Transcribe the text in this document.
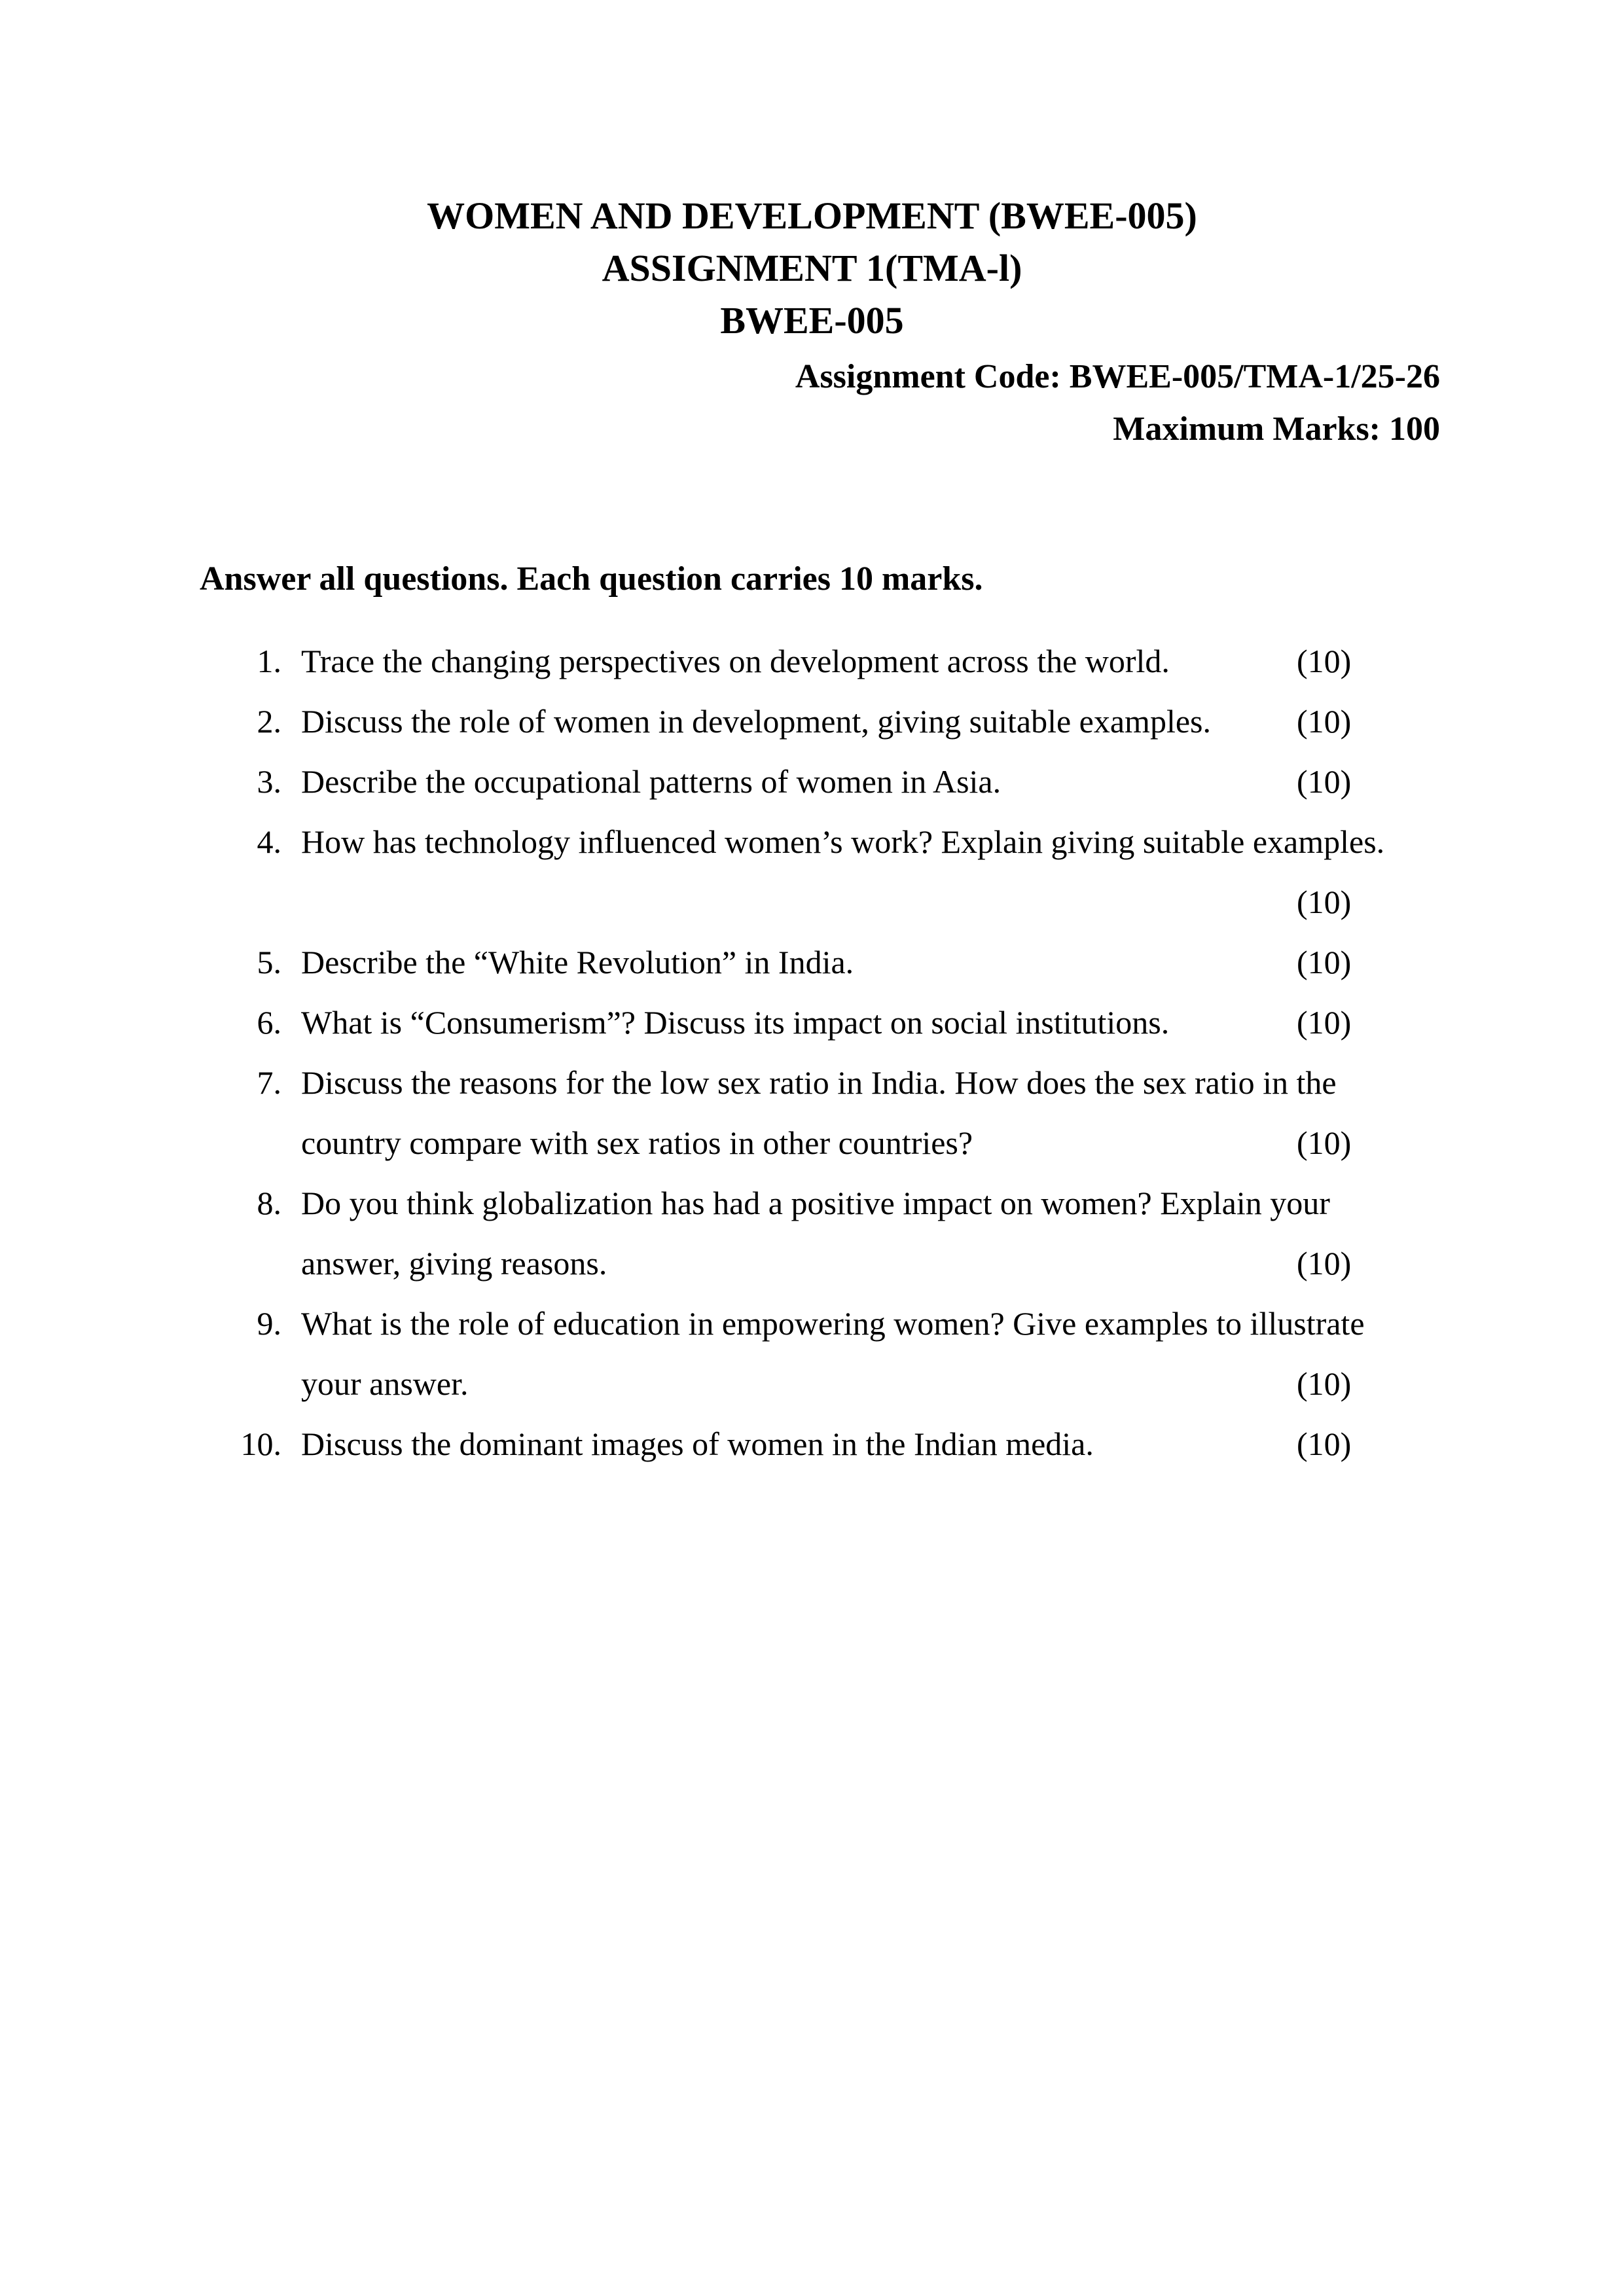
WOMEN AND DEVELOPMENT (BWEE-005)
ASSIGNMENT 1(TMA-l)
BWEE-005
Assignment Code: BWEE-005/TMA-1/25-26
Maximum Marks: 100
Answer all questions. Each question carries 10 marks.
1. Trace the changing perspectives on development across the world.	(10)
2. Discuss the role of women in development, giving suitable examples.	(10)
3. Describe the occupational patterns of women in Asia.	(10)
4. How has technology influenced women’s work? Explain giving suitable examples.
(10)
5. Describe the “White Revolution” in India.	(10)
6. What is “Consumerism”? Discuss its impact on social institutions.	(10)
7. Discuss the reasons for the low sex ratio in India. How does the sex ratio in the
country compare with sex ratios in other countries?	(10)
8. Do you think globalization has had a positive impact on women? Explain your
answer, giving reasons.	(10)
9. What is the role of education in empowering women? Give examples to illustrate
your answer.	(10)
10. Discuss the dominant images of women in the Indian media.	(10)
